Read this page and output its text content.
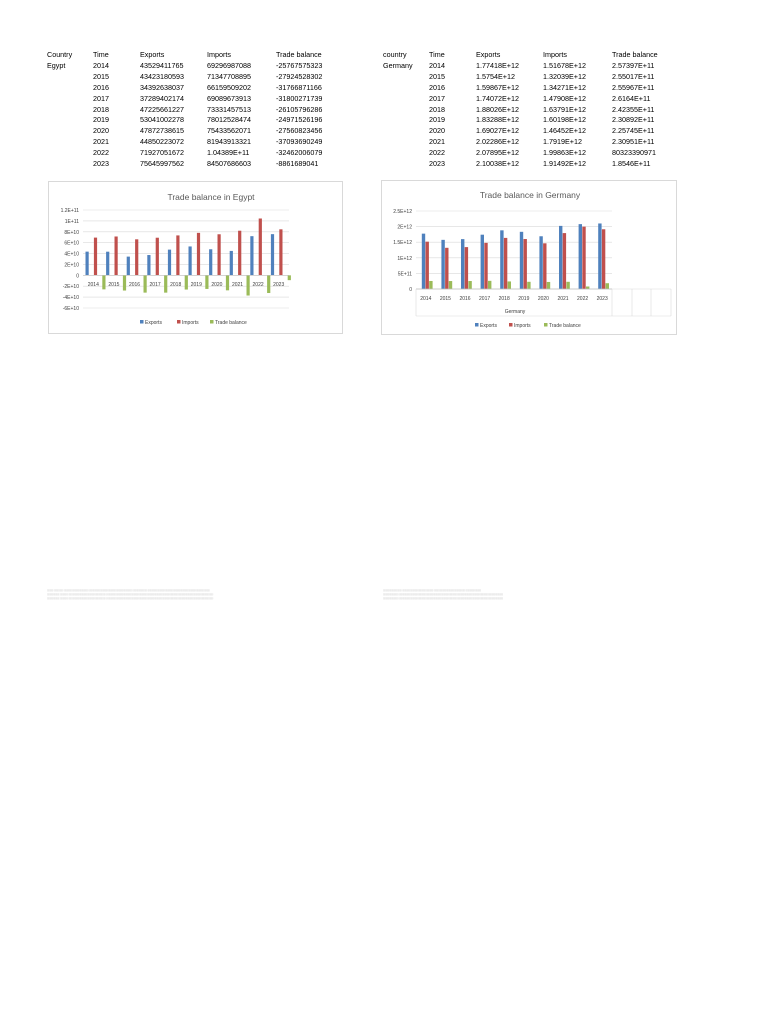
Country	Time	Exports	Imports	Trade balance
Egypt	2014	43529411765	69296987088	-25767575323
	2015	43423180593	71347708895	-27924528302
	2016	34392638037	66159509202	-31766871166
	2017	37289402174	69089673913	-31800271739
	2018	47225661227	73331457513	-26105796286
	2019	53041002278	78012528474	-24971526196
	2020	47872738615	75433562071	-27560823456
	2021	44850223072	81943913321	-37093690249
	2022	71927051672	1.04389E+11	-32462006079
	2023	75645997562	84507686603	-8861689041
country	Time	Exports	Imports	Trade balance
Germany	2014	1.77418E+12	1.51678E+12	2.57397E+11
	2015	1.5754E+12	1.32039E+12	2.55017E+11
	2016	1.59867E+12	1.34271E+12	2.55967E+11
	2017	1.74072E+12	1.47908E+12	2.6164E+11
	2018	1.88026E+12	1.63791E+12	2.42355E+11
	2019	1.83288E+12	1.60198E+12	2.30892E+11
	2020	1.69027E+12	1.46452E+12	2.25745E+11
	2021	2.02286E+12	1.7919E+12	2.30951E+11
	2022	2.07895E+12	1.99863E+12	80323390971
	2023	2.10038E+12	1.91492E+12	1.8546E+11
Trade balance in Egypt
1.2E+11
1E+11
8E+10
6E+10
4E+10
2E+10
0
-2E+10
-4E+10
-6E+10
2014 2015 2016 2017 2018 2019 2020 2021 2022 2023
Exports	Imports	Trade balance
Trade balance in Germany
2.5E+12
2E+12
1.5E+12
1E+12
5E+11
0
2014 2015 2016 2017 2018 2019 2020 2021 2022 2023
Germany
Exports	Imports	Trade balance
░░░░ ░░░░░░ ░░░░░░░░░░░░░░░░ ░░░░░░░░░░░░░░░░░░░░░░░░░░░░ ░░░░░░░░░ ░░░░░░░░░░░░░░░░░░░░░░░░░░░░░░░░░░░░░░░░
░░░░░░░░ ░░░░░ ░░░░░░░░░░░░░░░░░░░░░░░░ ░░░░░░░░░░░░░░░░░░░░░░░░░░░░░░░░░░░░░░░░░░░░░░░░░░░░░░░░░░░░░░░░░░░░░
░░░░░░░░ ░░░░░ ░░░░░░░░░░░░░░░░░░░░░░░░ ░░░░░░░░░░░░░░░░░░░░░░░░░░░░░░░░░░░░░░░░░░░░░░░░░░░░░░░░░░░░░░░░░░░░░
░░░░░░░░░░░░ ░░░░░░░░░░░░░░░░░░░░ ░░░░░░░░░░░░░░░░░░░░ ░░░░░░░░░░
░░░░░░░░░░ ░░░░░░░░░░░░░░░░░░░░░░░░░░░░░░░░░░░░░░░░░░░░░░░░░░░░░░░░░░░░░░░░░░░
░░░░░░░░░░ ░░░░░░░░░░░░░░░░░░░░░░░░░░░░░░░░░░░░░░░░░░░░░░░░░░░░░░░░░░░░░░░░░░░
